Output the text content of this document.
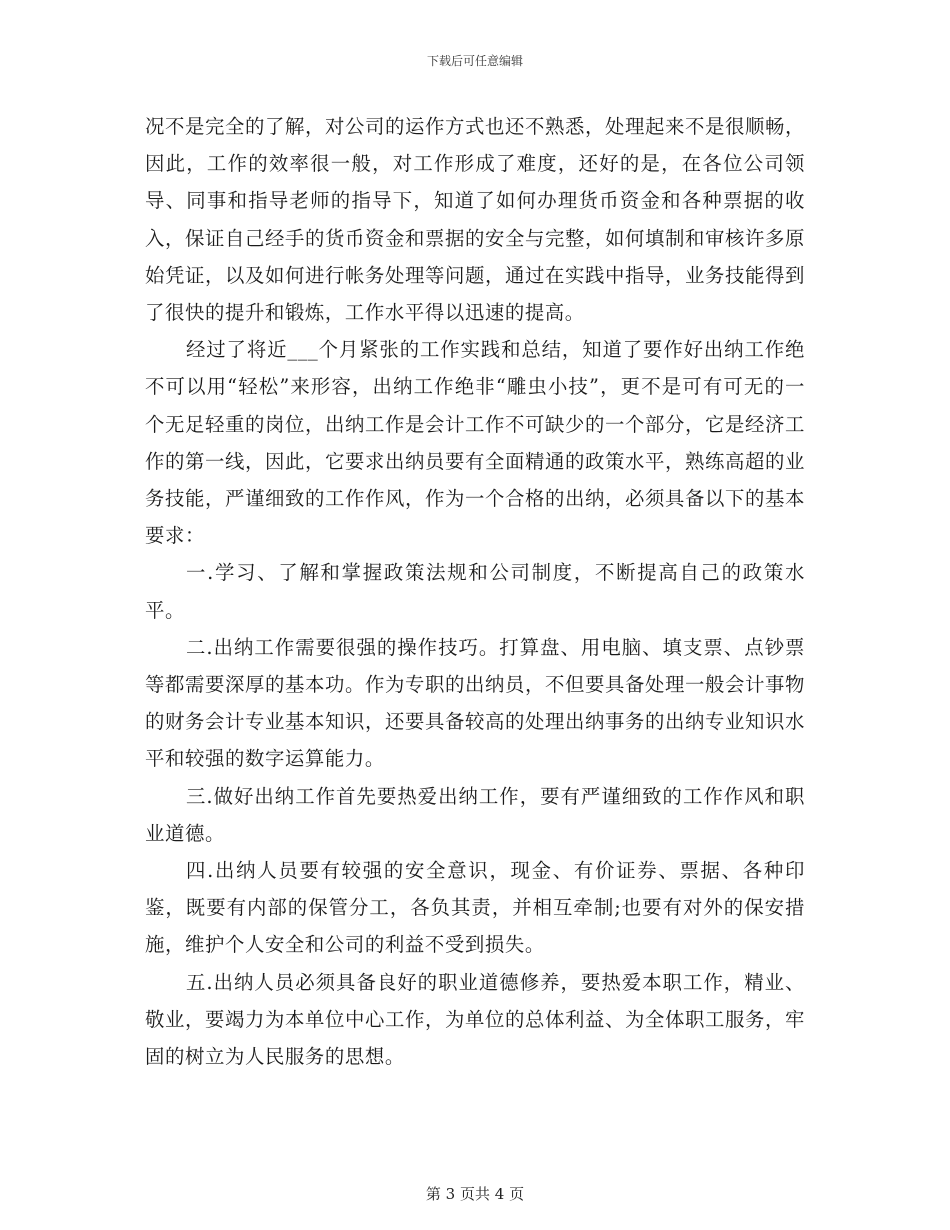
下载后可任意编辑

况不是完全的了解，对公司的运作方式也还不熟悉，处理起来不是很顺畅，因此，工作的效率很一般，对工作形成了难度，还好的是，在各位公司领导、同事和指导老师的指导下，知道了如何办理货币资金和各种票据的收入，保证自己经手的货币资金和票据的安全与完整，如何填制和审核许多原始凭证，以及如何进行帐务处理等问题，通过在实践中指导，业务技能得到了很快的提升和锻炼，工作水平得以迅速的提高。

经过了将近___个月紧张的工作实践和总结，知道了要作好出纳工作绝不可以用“轻松”来形容，出纳工作绝非“雕虫小技”，更不是可有可无的一个无足轻重的岗位，出纳工作是会计工作不可缺少的一个部分，它是经济工作的第一线，因此，它要求出纳员要有全面精通的政策水平，熟练高超的业务技能，严谨细致的工作作风，作为一个合格的出纳，必须具备以下的基本要求：

一.学习、了解和掌握政策法规和公司制度，不断提高自己的政策水平。

二.出纳工作需要很强的操作技巧。打算盘、用电脑、填支票、点钞票等都需要深厚的基本功。作为专职的出纳员，不但要具备处理一般会计事物的财务会计专业基本知识，还要具备较高的处理出纳事务的出纳专业知识水平和较强的数字运算能力。

三.做好出纳工作首先要热爱出纳工作，要有严谨细致的工作作风和职业道德。

四.出纳人员要有较强的安全意识，现金、有价证券、票据、各种印鉴，既要有内部的保管分工，各负其责，并相互牵制;也要有对外的保安措施，维护个人安全和公司的利益不受到损失。

五.出纳人员必须具备良好的职业道德修养，要热爱本职工作，精业、敬业，要竭力为本单位中心工作，为单位的总体利益、为全体职工服务，牢固的树立为人民服务的思想。

第 3 页共 4 页
